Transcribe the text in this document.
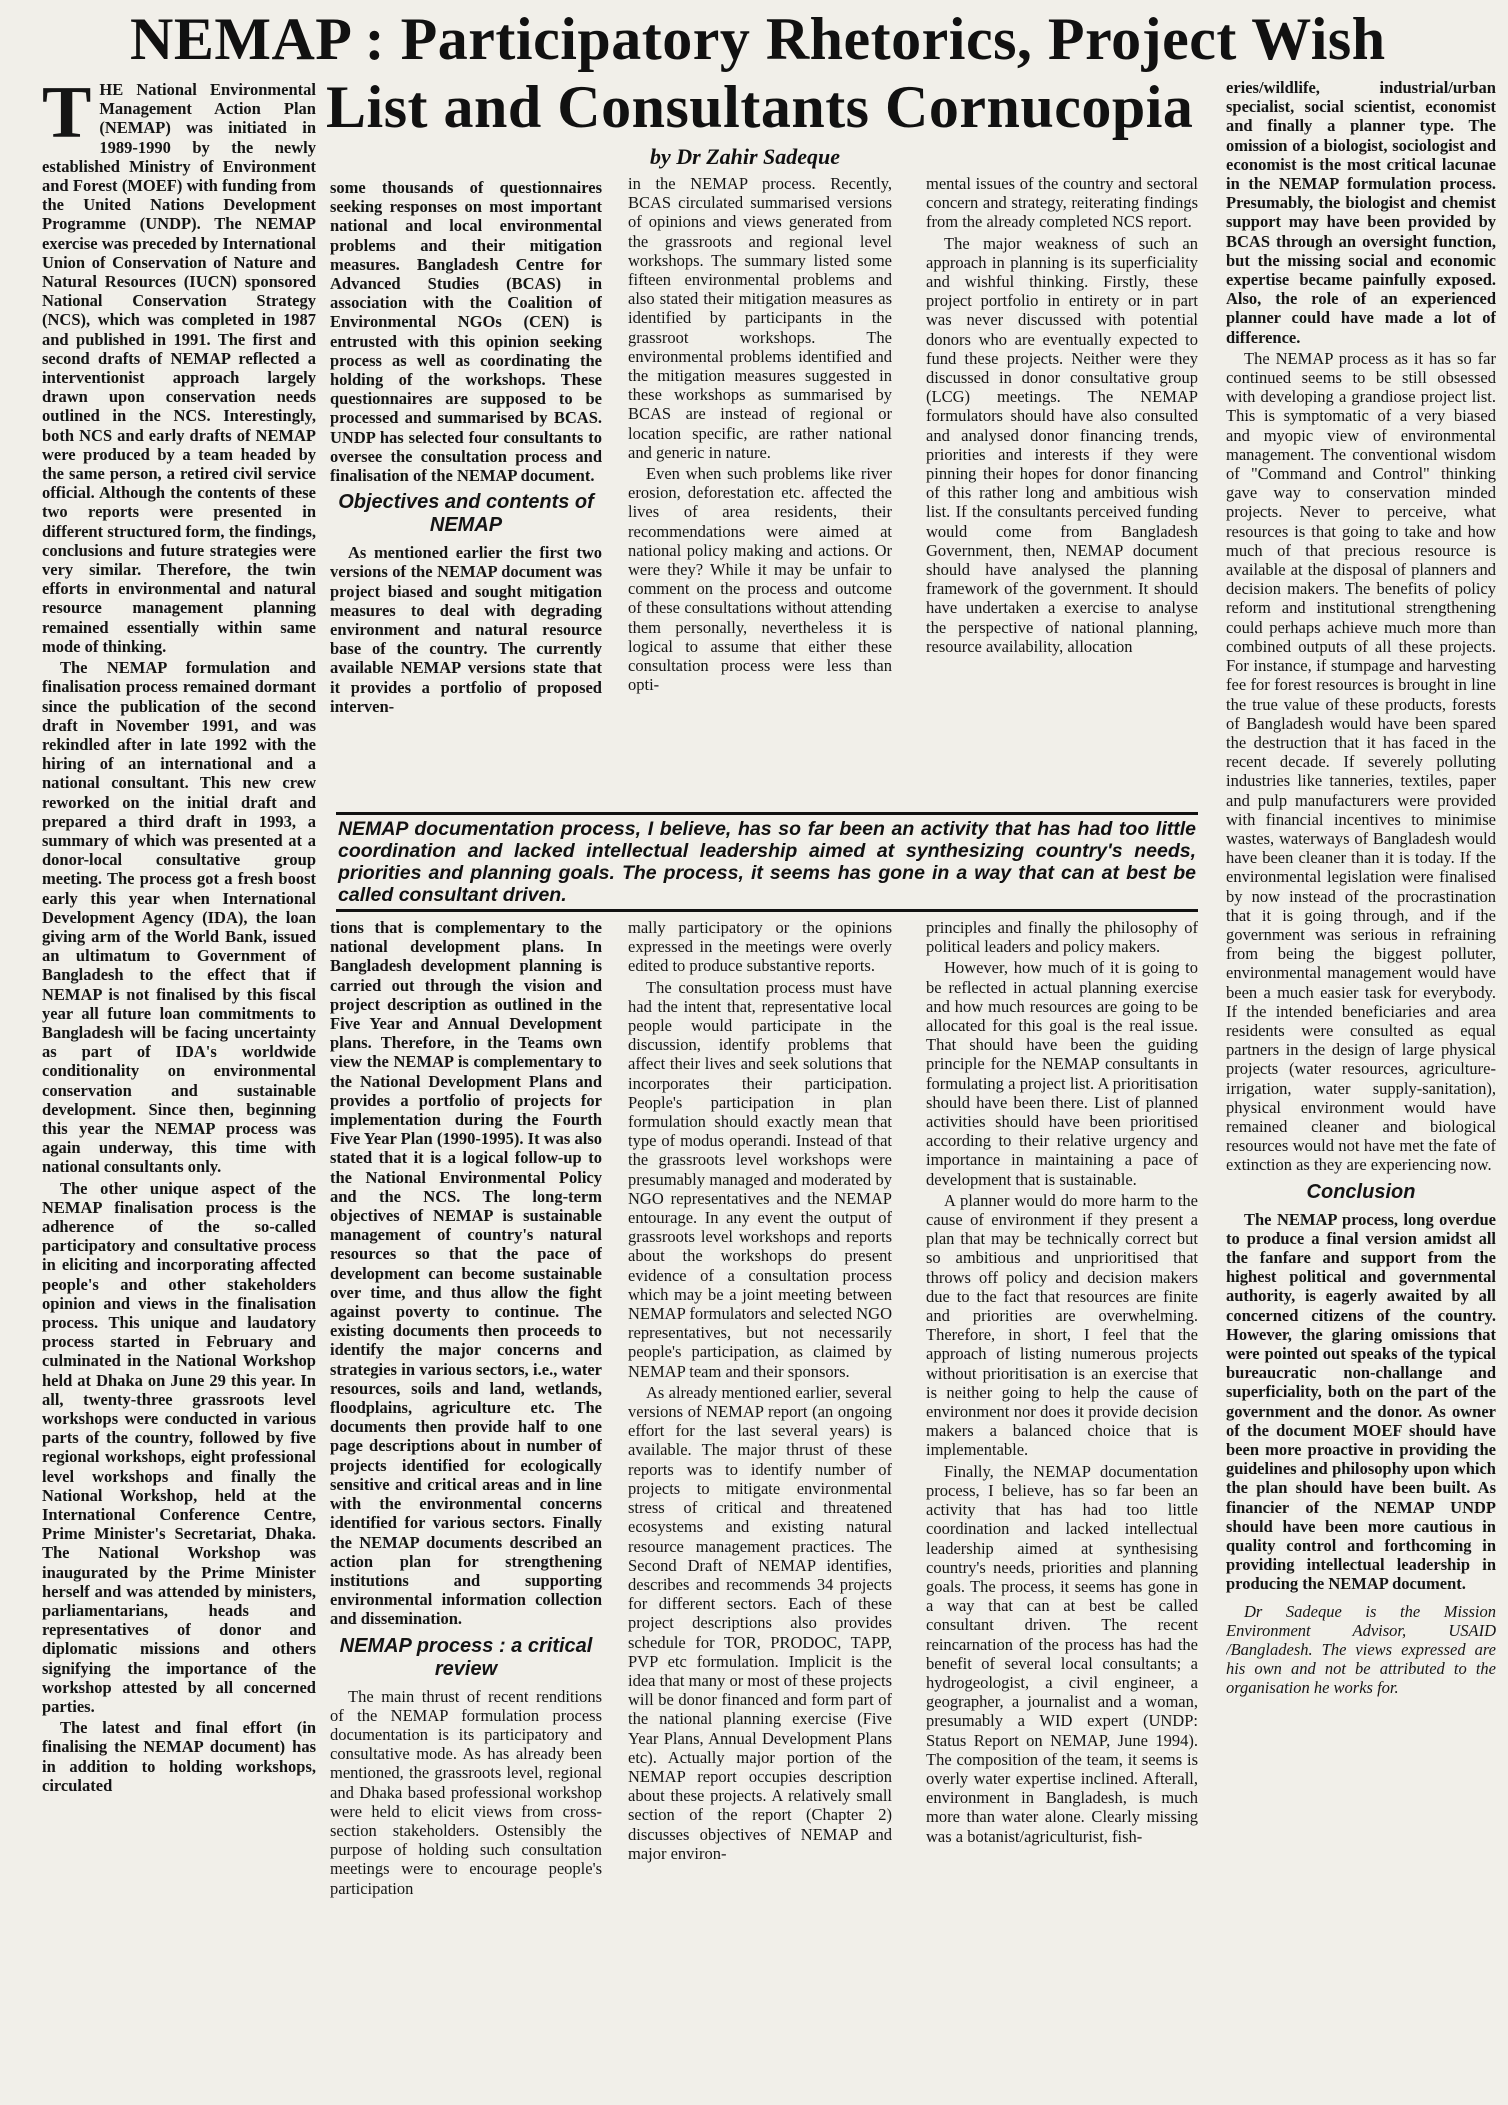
NEMAP : Participatory Rhetorics, Project Wish
List and Consultants Cornucopia
by Dr Zahir Sadeque
T HE National Environmental Management Action Plan (NEMAP) was initiated in 1989-1990 by the newly established Ministry of Environment and Forest (MOEF) with funding from the United Nations Development Programme (UNDP). The NEMAP exercise was preceded by International Union of Conservation of Nature and Natural Resources (IUCN) sponsored National Conservation Strategy (NCS), which was completed in 1987 and published in 1991. The first and second drafts of NEMAP reflected a interventionist approach largely drawn upon conservation needs outlined in the NCS. Interestingly, both NCS and early drafts of NEMAP were produced by a team headed by the same person, a retired civil service official. Although the contents of these two reports were presented in different structured form, the findings, conclusions and future strategies were very similar. Therefore, the twin efforts in environmental and natural resource management planning remained essentially within same mode of thinking.

The NEMAP formulation and finalisation process remained dormant since the publication of the second draft in November 1991, and was rekindled after in late 1992 with the hiring of an international and a national consultant. This new crew reworked on the initial draft and prepared a third draft in 1993, a summary of which was presented at a donor-local consultative group meeting. The process got a fresh boost early this year when International Development Agency (IDA), the loan giving arm of the World Bank, issued an ultimatum to Government of Bangladesh to the effect that if NEMAP is not finalised by this fiscal year all future loan commitments to Bangladesh will be facing uncertainty as part of IDA's worldwide conditionality on environmental conservation and sustainable development. Since then, beginning this year the NEMAP process was again underway, this time with national consultants only.

The other unique aspect of the NEMAP finalisation process is the adherence of the so-called participatory and consultative process in eliciting and incorporating affected people's and other stakeholders opinion and views in the finalisation process. This unique and laudatory process started in February and culminated in the National Workshop held at Dhaka on June 29 this year. In all, twenty-three grassroots level workshops were conducted in various parts of the country, followed by five regional workshops, eight professional level workshops and finally the National Workshop, held at the International Conference Centre, Prime Minister's Secretariat, Dhaka. The National Workshop was inaugurated by the Prime Minister herself and was attended by ministers, parliamentarians, heads and representatives of donor and diplomatic missions and others signifying the importance of the workshop attested by all concerned parties.

The latest and final effort (in finalising the NEMAP document) has in addition to holding workshops, circulated

some thousands of questionnaires seeking responses on most important national and local environmental problems and their mitigation measures. Bangladesh Centre for Advanced Studies (BCAS) in association with the Coalition of Environmental NGOs (CEN) is entrusted with this opinion seeking process as well as coordinating the holding of the workshops. These questionnaires are supposed to be processed and summarised by BCAS. UNDP has selected four consultants to oversee the consultation process and finalisation of the NEMAP document.

Objectives and contents of NEMAP

As mentioned earlier the first two versions of the NEMAP document was project biased and sought mitigation measures to deal with degrading environment and natural resource base of the country. The currently available NEMAP versions state that it provides a portfolio of proposed interven-

in the NEMAP process. Recently, BCAS circulated summarised versions of opinions and views generated from the grassroots and regional level workshops. The summary listed some fifteen environmental problems and also stated their mitigation measures as identified by participants in the grassroot workshops. The environmental problems identified and the mitigation measures suggested in these workshops as summarised by BCAS are instead of regional or location specific, are rather national and generic in nature.

Even when such problems like river erosion, deforestation etc. affected the lives of area residents, their recommendations were aimed at national policy making and actions. Or were they? While it may be unfair to comment on the process and outcome of these consultations without attending them personally, nevertheless it is logical to assume that either these consultation process were less than opti-

mental issues of the country and sectoral concern and strategy, reiterating findings from the already completed NCS report.

The major weakness of such an approach in planning is its superficiality and wishful thinking. Firstly, these project portfolio in entirety or in part was never discussed with potential donors who are eventually expected to fund these projects. Neither were they discussed in donor consultative group (LCG) meetings. The NEMAP formulators should have also consulted and analysed donor financing trends, priorities and interests if they were pinning their hopes for donor financing of this rather long and ambitious wish list. If the consultants perceived funding would come from Bangladesh Government, then, NEMAP document should have analysed the planning framework of the government. It should have undertaken a exercise to analyse the perspective of national planning, resource availability, allocation

NEMAP documentation process, I believe, has so far been an activity that has had too little coordination and lacked intellectual leadership aimed at synthesizing country's needs, priorities and planning goals. The process, it seems has gone in a way that can at best be called consultant driven.

tions that is complementary to the national development plans. In Bangladesh development planning is carried out through the vision and project description as outlined in the Five Year and Annual Development plans. Therefore, in the Teams own view the NEMAP is complementary to the National Development Plans and provides a portfolio of projects for implementation during the Fourth Five Year Plan (1990-1995). It was also stated that it is a logical follow-up to the National Environmental Policy and the NCS. The long-term objectives of NEMAP is sustainable management of country's natural resources so that the pace of development can become sustainable over time, and thus allow the fight against poverty to continue. The existing documents then proceeds to identify the major concerns and strategies in various sectors, i.e., water resources, soils and land, wetlands, floodplains, agriculture etc. The documents then provide half to one page descriptions about in number of projects identified for ecologically sensitive and critical areas and in line with the environmental concerns identified for various sectors. Finally the NEMAP documents described an action plan for strengthening institutions and supporting environmental information collection and dissemination.

NEMAP process : a critical review

The main thrust of recent renditions of the NEMAP formulation process documentation is its participatory and consultative mode. As has already been mentioned, the grassroots level, regional and Dhaka based professional workshop were held to elicit views from cross-section stakeholders. Ostensibly the purpose of holding such consultation meetings were to encourage people's participation

mally participatory or the opinions expressed in the meetings were overly edited to produce substantive reports.

The consultation process must have had the intent that, representative local people would participate in the discussion, identify problems that affect their lives and seek solutions that incorporates their participation. People's participation in plan formulation should exactly mean that type of modus operandi. Instead of that the grassroots level workshops were presumably managed and moderated by NGO representatives and the NEMAP entourage. In any event the output of grassroots level workshops and reports about the workshops do present evidence of a consultation process which may be a joint meeting between NEMAP formulators and selected NGO representatives, but not necessarily people's participation, as claimed by NEMAP team and their sponsors.

As already mentioned earlier, several versions of NEMAP report (an ongoing effort for the last several years) is available. The major thrust of these reports was to identify number of projects to mitigate environmental stress of critical and threatened ecosystems and existing natural resource management practices. The Second Draft of NEMAP identifies, describes and recommends 34 projects for different sectors. Each of these project descriptions also provides schedule for TOR, PRODOC, TAPP, PVP etc formulation. Implicit is the idea that many or most of these projects will be donor financed and form part of the national planning exercise (Five Year Plans, Annual Development Plans etc). Actually major portion of the NEMAP report occupies description about these projects. A relatively small section of the report (Chapter 2) discusses objectives of NEMAP and major environ-

principles and finally the philosophy of political leaders and policy makers.

However, how much of it is going to be reflected in actual planning exercise and how much resources are going to be allocated for this goal is the real issue. That should have been the guiding principle for the NEMAP consultants in formulating a project list. A prioritisation should have been there. List of planned activities should have been prioritised according to their relative urgency and importance in maintaining a pace of development that is sustainable.

A planner would do more harm to the cause of environment if they present a plan that may be technically correct but so ambitious and unprioritised that throws off policy and decision makers due to the fact that resources are finite and priorities are overwhelming. Therefore, in short, I feel that the approach of listing numerous projects without prioritisation is an exercise that is neither going to help the cause of environment nor does it provide decision makers a balanced choice that is implementable.

Finally, the NEMAP documentation process, I believe, has so far been an activity that has had too little coordination and lacked intellectual leadership aimed at synthesising country's needs, priorities and planning goals. The process, it seems has gone in a way that can at best be called consultant driven. The recent reincarnation of the process has had the benefit of several local consultants; a hydrogeologist, a civil engineer, a geographer, a journalist and a woman, presumably a WID expert (UNDP: Status Report on NEMAP, June 1994). The composition of the team, it seems is overly water expertise inclined. Afterall, environment in Bangladesh, is much more than water alone. Clearly missing was a botanist/agriculturist, fish-

eries/wildlife, industrial/urban specialist, social scientist, economist and finally a planner type. The omission of a biologist, sociologist and economist is the most critical lacunae in the NEMAP formulation process. Presumably, the biologist and chemist support may have been provided by BCAS through an oversight function, but the missing social and economic expertise became painfully exposed. Also, the role of an experienced planner could have made a lot of difference.

The NEMAP process as it has so far continued seems to be still obsessed with developing a grandiose project list. This is symptomatic of a very biased and myopic view of environmental management. The conventional wisdom of "Command and Control" thinking gave way to conservation minded projects. Never to perceive, what resources is that going to take and how much of that precious resource is available at the disposal of planners and decision makers. The benefits of policy reform and institutional strengthening could perhaps achieve much more than combined outputs of all these projects. For instance, if stumpage and harvesting fee for forest resources is brought in line the true value of these products, forests of Bangladesh would have been spared the destruction that it has faced in the recent decade. If severely polluting industries like tanneries, textiles, paper and pulp manufacturers were provided with financial incentives to minimise wastes, waterways of Bangladesh would have been cleaner than it is today. If the environmental legislation were finalised by now instead of the procrastination that it is going through, and if the government was serious in refraining from being the biggest polluter, environmental management would have been a much easier task for everybody. If the intended beneficiaries and area residents were consulted as equal partners in the design of large physical projects (water resources, agriculture-irrigation, water supply-sanitation), physical environment would have remained cleaner and biological resources would not have met the fate of extinction as they are experiencing now.

Conclusion

The NEMAP process, long overdue to produce a final version amidst all the fanfare and support from the highest political and governmental authority, is eagerly awaited by all concerned citizens of the country. However, the glaring omissions that were pointed out speaks of the typical bureaucratic non-challange and superficiality, both on the part of the government and the donor. As owner of the document MOEF should have been more proactive in providing the guidelines and philosophy upon which the plan should have been built. As financier of the NEMAP UNDP should have been more cautious in quality control and forthcoming in providing intellectual leadership in producing the NEMAP document.

Dr Sadeque is the Mission Environment Advisor, USAID /Bangladesh. The views expressed are his own and not be attributed to the organisation he works for.
